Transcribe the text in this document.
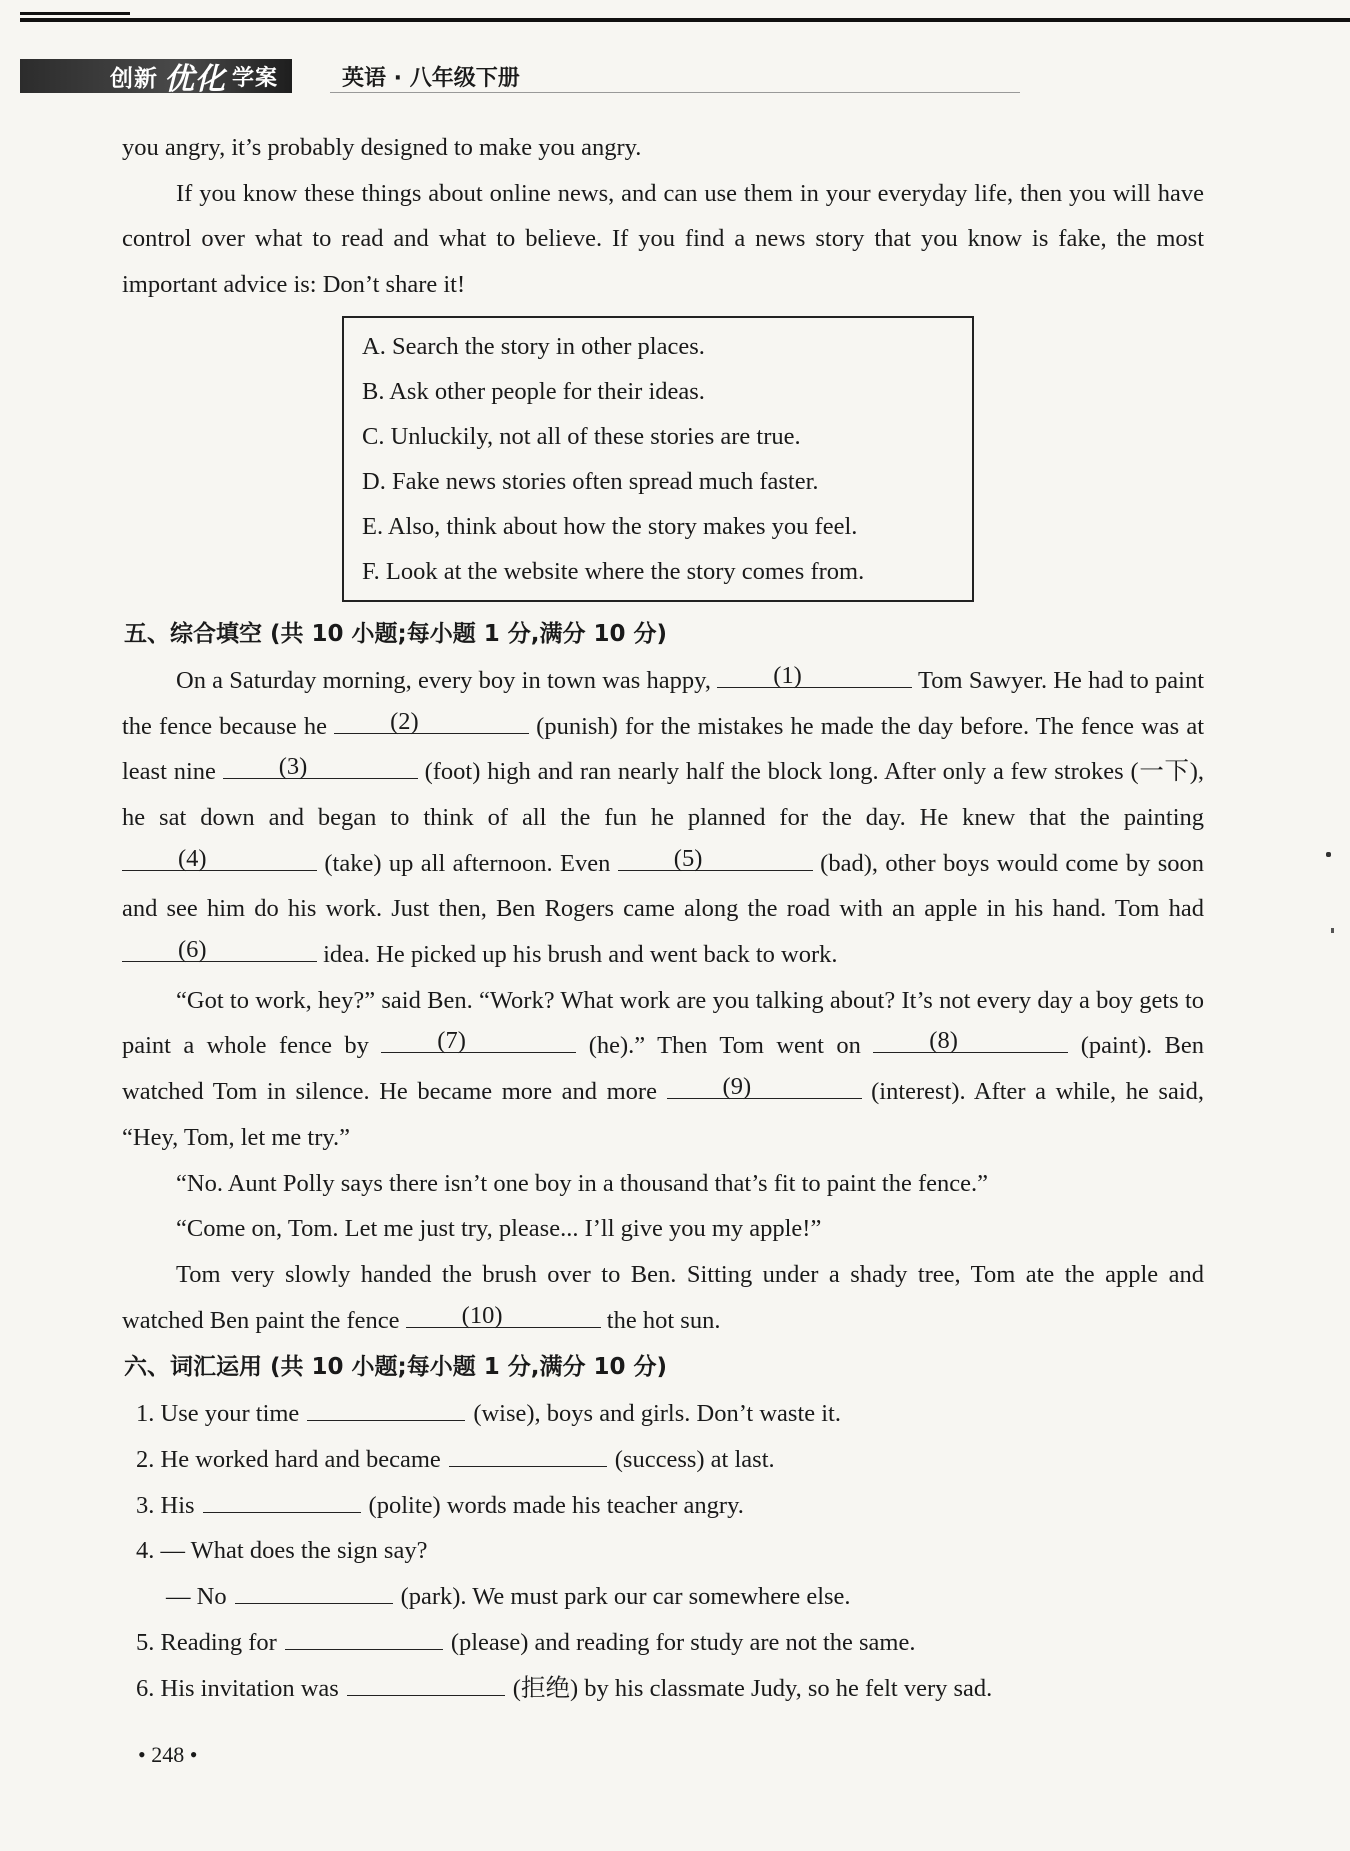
创新 优化 学案	英语 · 八年级下册

you angry, it’s probably designed to make you angry.

If you know these things about online news, and can use them in your everyday life, then you will have control over what to read and what to believe. If you find a news story that you know is fake, the most important advice is: Don’t share it!

A. Search the story in other places.
B. Ask other people for their ideas.
C. Unluckily, not all of these stories are true.
D. Fake news stories often spread much faster.
E. Also, think about how the story makes you feel.
F. Look at the website where the story comes from.
五、综合填空 (共 10 小题;每小题 1 分,满分 10 分)

On a Saturday morning, every boy in town was happy,	(1)	Tom Sawyer. He had to paint the fence because he	(2)	(punish) for the mistakes he made the day before. The fence was at least nine	(3)	(foot) high and ran nearly half the block long. After only a few strokes (一下), he sat down and began to think of all the fun he planned for the day. He knew that the painting
(4)	(take) up all afternoon. Even	(5)	(bad), other boys would come by soon and see him do his work. Just then, Ben Rogers came along the road with an apple in his hand. Tom had
(6)	idea. He picked up his brush and went back to work.

“Got to work, hey?” said Ben. “Work? What work are you talking about? It’s not every day a boy gets to paint a whole fence by	(7)	(he).” Then Tom went on	(8)	(paint). Ben watched Tom in silence. He became more and more	(9)	(interest). After a while, he said, “Hey, Tom, let me try.”

“No. Aunt Polly says there isn’t one boy in a thousand that’s fit to paint the fence.”

“Come on, Tom. Let me just try, please... I’ll give you my apple!”

Tom very slowly handed the brush over to Ben. Sitting under a shady tree, Tom ate the apple and watched Ben paint the fence	(10)	the hot sun.

六、词汇运用 (共 10 小题;每小题 1 分,满分 10 分)
1. Use your time	(wise), boys and girls. Don’t waste it.
2. He worked hard and became	(success) at last.
3. His	(polite) words made his teacher angry.
4. — What does the sign say?
— No	(park). We must park our car somewhere else.
5. Reading for	(please) and reading for study are not the same.
6. His invitation was	(拒绝) by his classmate Judy, so he felt very sad.
• 248 •
